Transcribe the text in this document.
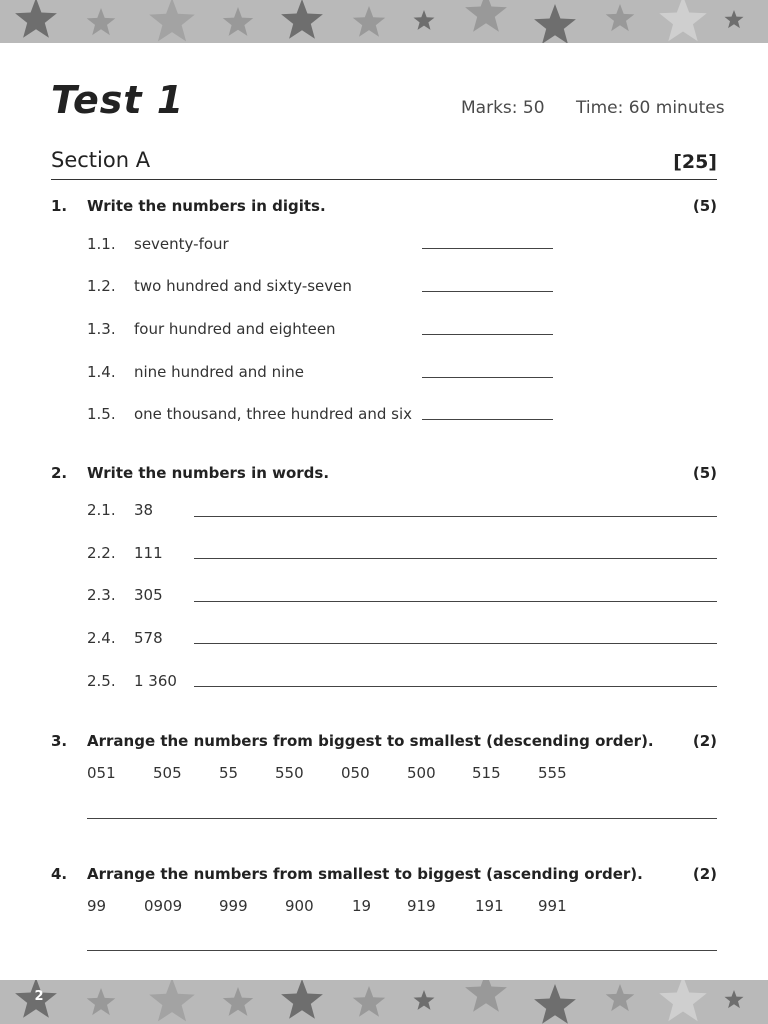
Test 1	Marks: 50 Time: 60 minutes
Section A	[25]
1. Write the numbers in digits.	(5)
1.1. seventy-four
1.2. two hundred and sixty-seven
1.3. four hundred and eighteen
1.4. nine hundred and nine
1.5. one thousand, three hundred and six
2. Write the numbers in words.	(5)
2.1. 38
2.2. 111
2.3. 305
2.4. 578
2.5. 1 360
3. Arrange the numbers from biggest to smallest (descending order).	(2)
051 505 55 550 050 500 515 555
4. Arrange the numbers from smallest to biggest (ascending order).	(2)
99	0909 999 900	19 919	191 991
2
